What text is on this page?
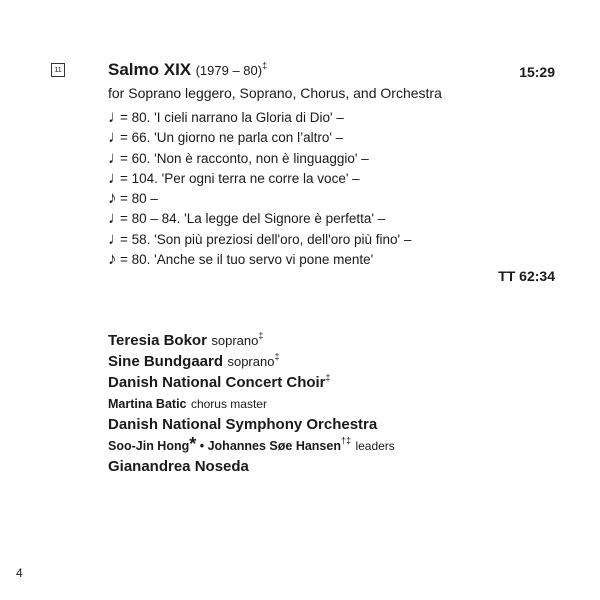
11	Salmo XIX (1979 – 80)‡	15:29
for Soprano leggero, Soprano, Chorus, and Orchestra
♩= 80. 'I cieli narrano la Gloria di Dio' –
♩= 66. 'Un giorno ne parla con l’altro' –
♩= 60. 'Non è racconto, non è linguaggio' –
♩= 104. 'Per ogni terra ne corre la voce' –
♪ = 80 –
♩= 80 – 84. 'La legge del Signore è perfetta' –
♩= 58. 'Son più preziosi dell'oro, dell'oro più fino' –
♪ = 80. 'Anche se il tuo servo vi pone mente'
TT 62:34
Teresia Bokor soprano‡
Sine Bundgaard soprano‡
Danish National Concert Choir‡
Martina Batic chorus master
Danish National Symphony Orchestra
Soo-Jin Hong* • Johannes Søe Hansen†‡ leaders
Gianandrea Noseda
4
